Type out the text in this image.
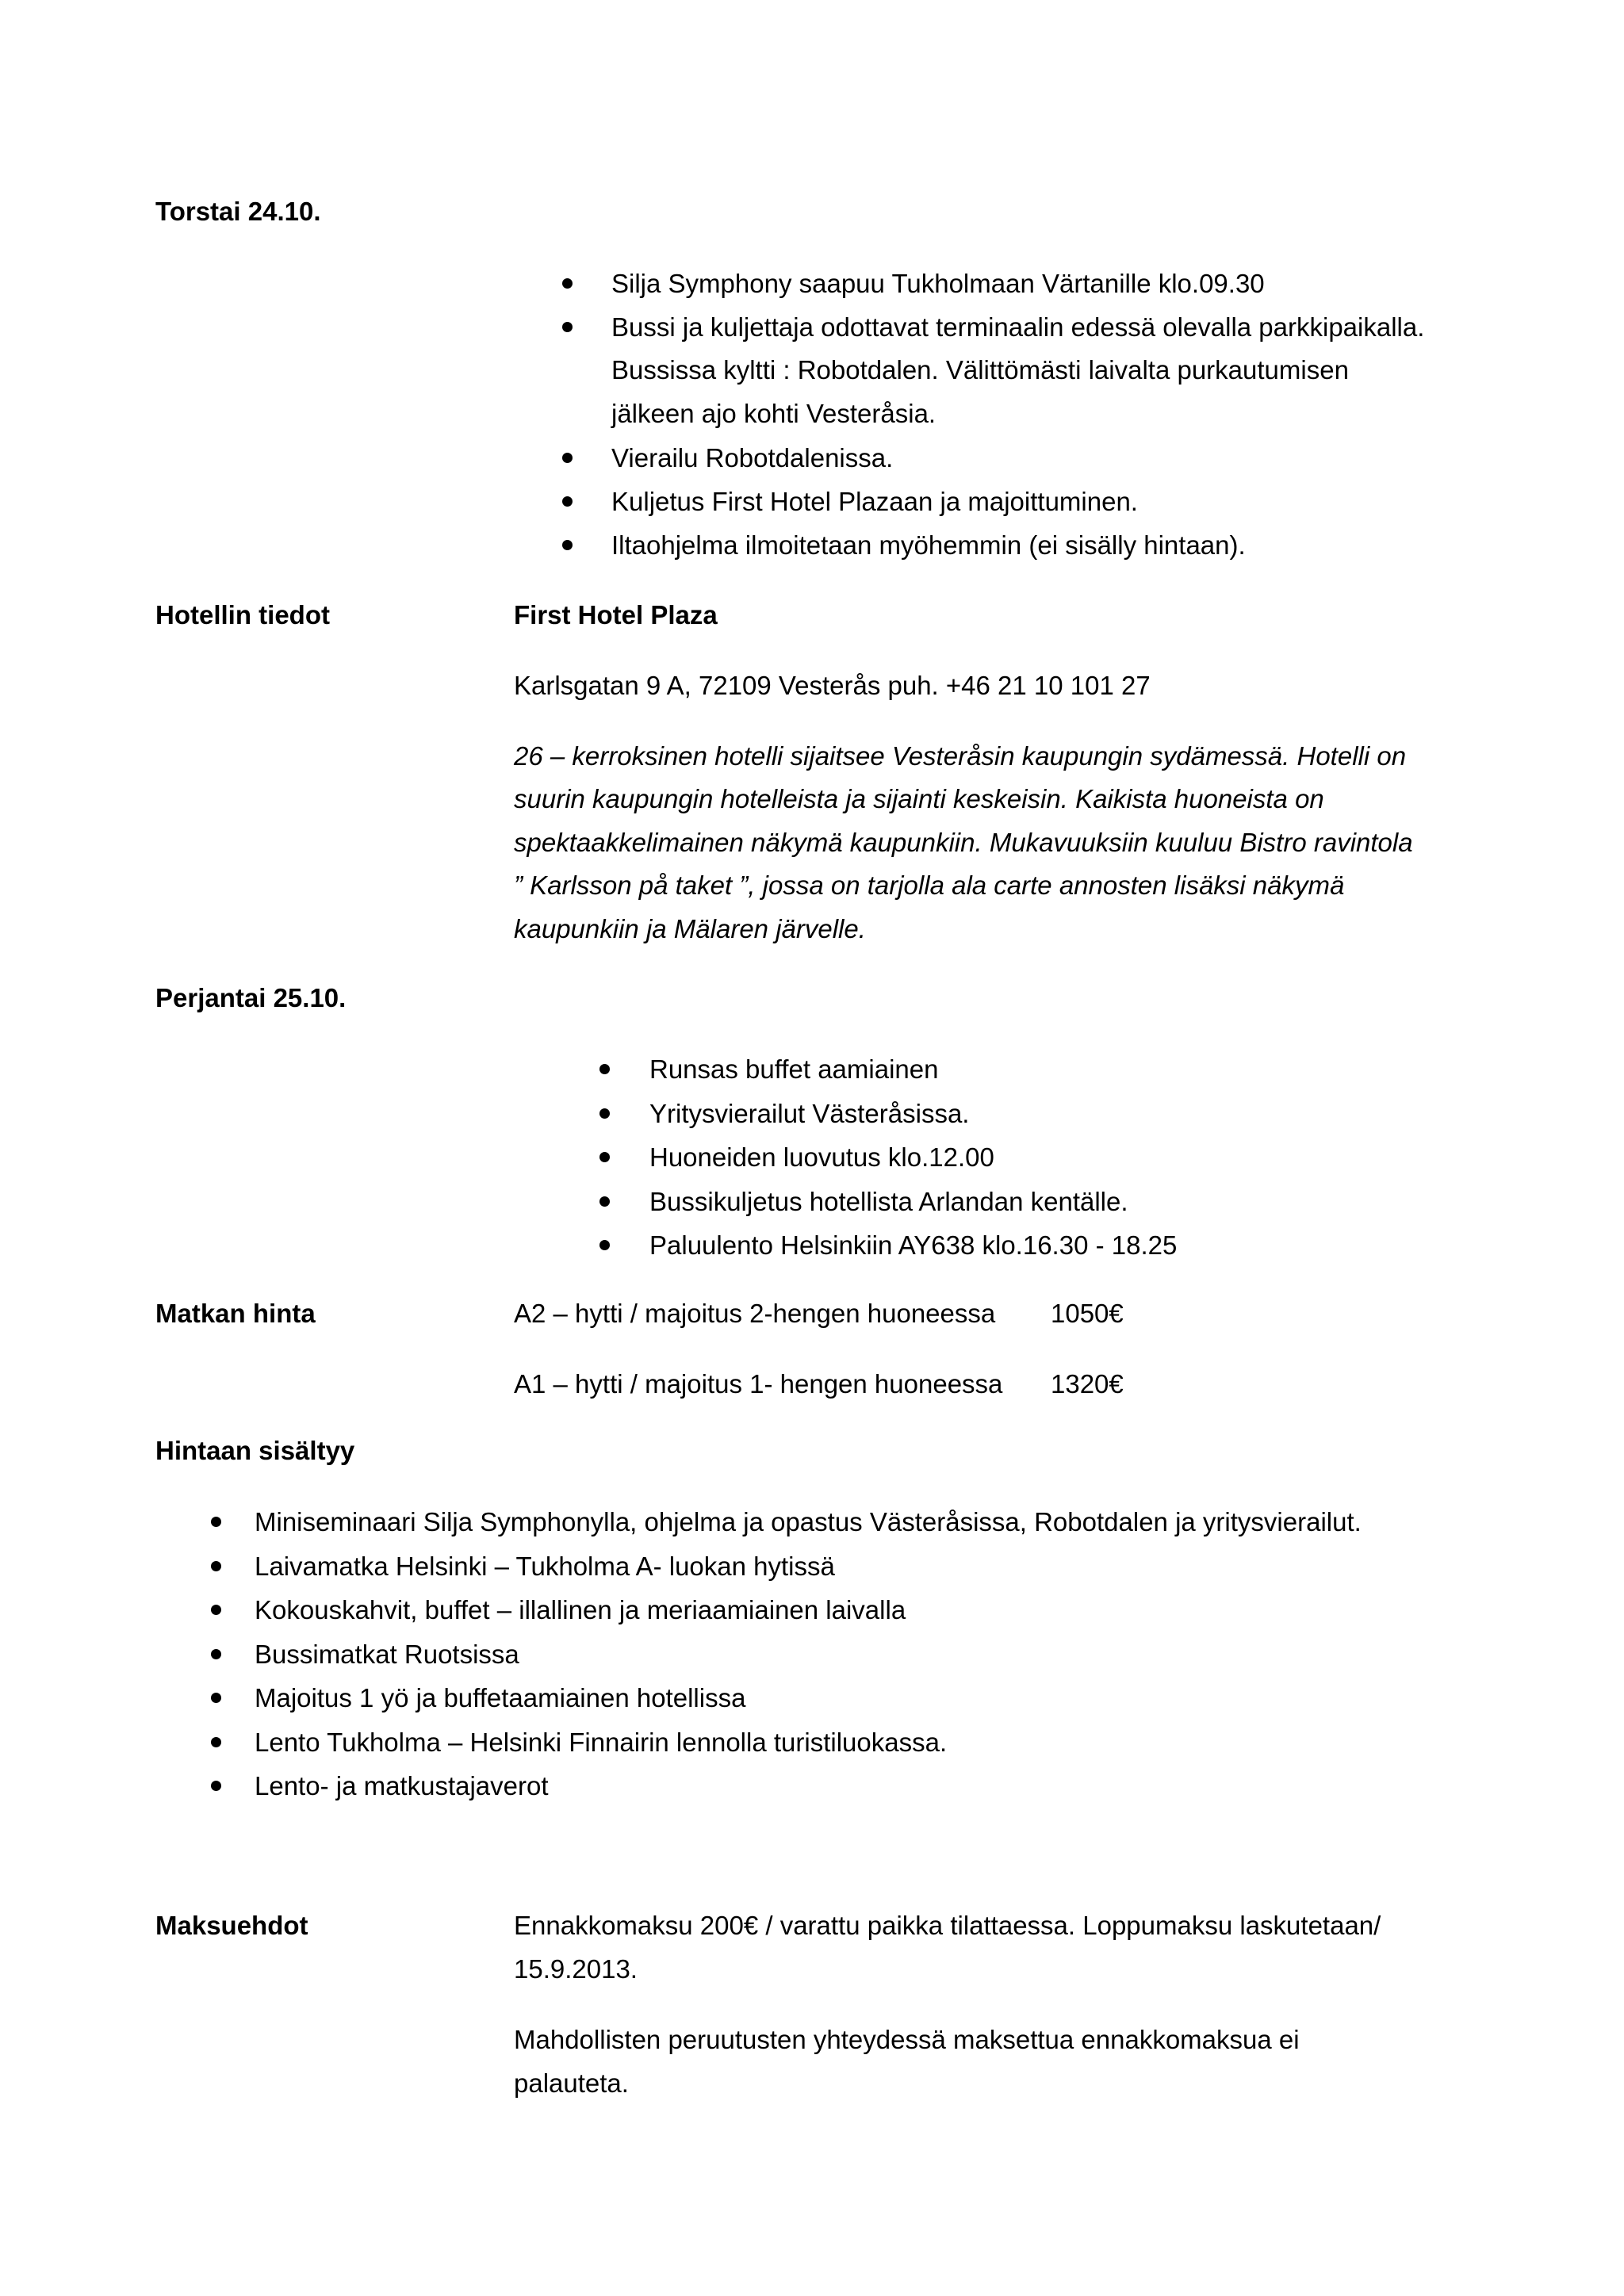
Torstai 24.10.
Silja Symphony saapuu Tukholmaan Värtanille klo.09.30
Bussi ja kuljettaja odottavat terminaalin edessä olevalla parkkipaikalla.
Bussissa kyltti : Robotdalen. Välittömästi laivalta purkautumisen
jälkeen ajo kohti Vesteråsia.
Vierailu Robotdalenissa.
Kuljetus First Hotel Plazaan ja majoittuminen.
Iltaohjelma ilmoitetaan myöhemmin (ei sisälly hintaan).
Hotellin tiedot	First Hotel Plaza
Karlsgatan 9 A, 72109 Vesterås puh. +46 21 10 101 27
26 – kerroksinen hotelli sijaitsee Vesteråsin kaupungin sydämessä. Hotelli on
suurin kaupungin hotelleista ja sijainti keskeisin. Kaikista huoneista on
spektaakkelimainen näkymä kaupunkiin. Mukavuuksiin kuuluu Bistro ravintola
” Karlsson på taket ”, jossa on tarjolla ala carte annosten lisäksi näkymä
kaupunkiin ja Mälaren järvelle.
Perjantai 25.10.
Runsas buffet aamiainen
Yritysvierailut Västeråsissa.
Huoneiden luovutus klo.12.00
Bussikuljetus hotellista Arlandan kentälle.
Paluulento Helsinkiin AY638 klo.16.30 - 18.25
Matkan hinta	A2 – hytti / majoitus 2-hengen huoneessa 1050€
A1 – hytti / majoitus 1- hengen huoneessa 1320€
Hintaan sisältyy
Miniseminaari Silja Symphonylla, ohjelma ja opastus Västeråsissa, Robotdalen ja yritysvierailut.
Laivamatka Helsinki – Tukholma A- luokan hytissä
Kokouskahvit, buffet – illallinen ja meriaamiainen laivalla
Bussimatkat Ruotsissa
Majoitus 1 yö ja buffetaamiainen hotellissa
Lento Tukholma – Helsinki Finnairin lennolla turistiluokassa.
Lento- ja matkustajaverot
Maksuehdot	Ennakkomaksu 200€ / varattu paikka tilattaessa. Loppumaksu laskutetaan/
15.9.2013.
Mahdollisten peruutusten yhteydessä maksettua ennakkomaksua ei
palauteta.
